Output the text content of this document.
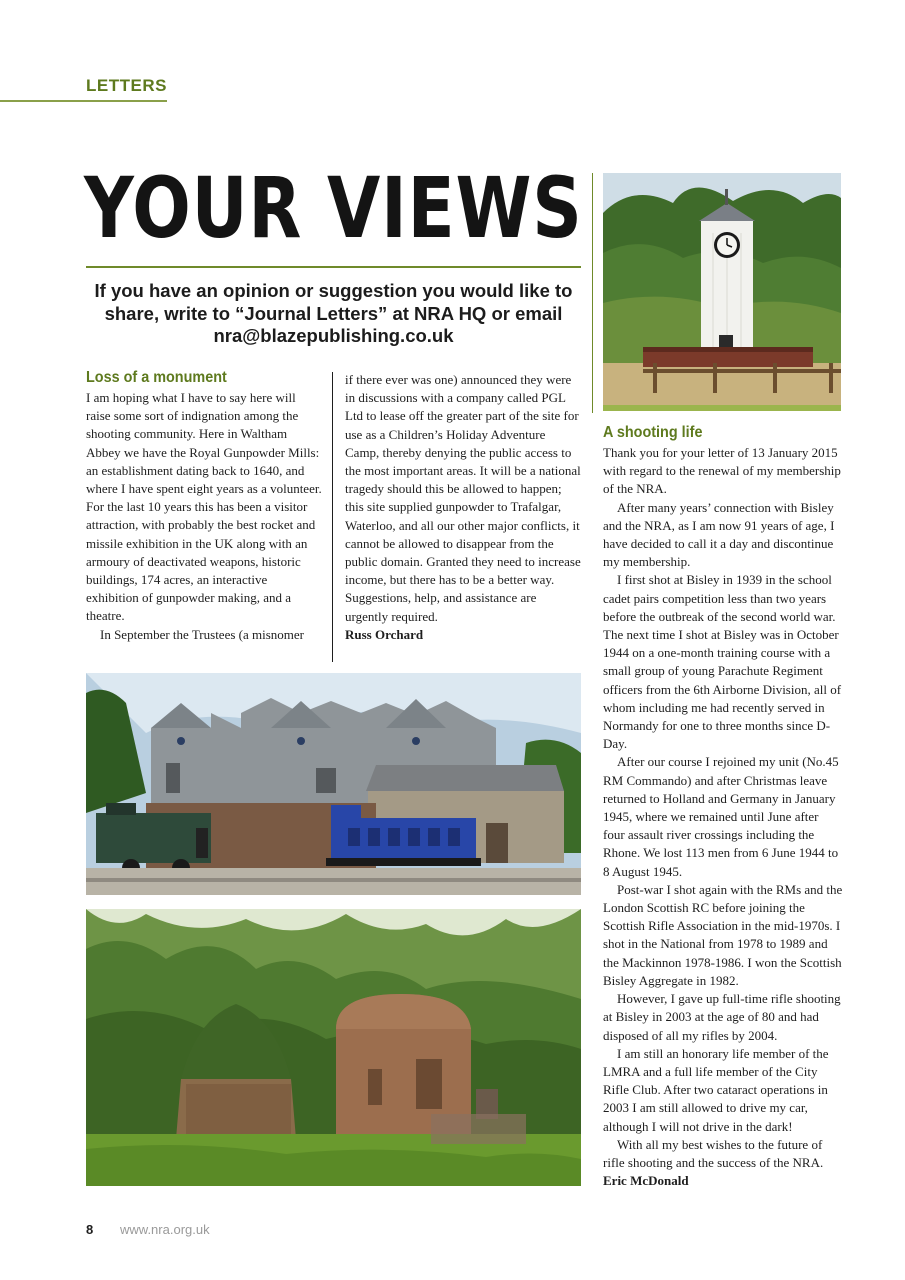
LETTERS
YOUR VIEWS
If you have an opinion or suggestion you would like to share, write to “Journal Letters” at NRA HQ or email nra@blazepublishing.co.uk
Loss of a monument

I am hoping what I have to say here will raise some sort of indignation among the shooting community. Here in Waltham Abbey we have the Royal Gunpowder Mills: an establishment dating back to 1640, and where I have spent eight years as a volunteer. For the last 10 years this has been a visitor attraction, with probably the best rocket and missile exhibition in the UK along with an armoury of deactivated weapons, historic buildings, 174 acres, an interactive exhibition of gunpowder making, and a theatre.

In September the Trustees (a misnomer

if there ever was one) announced they were in discussions with a company called PGL Ltd to lease off the greater part of the site for use as a Children’s Holiday Adventure Camp, thereby denying the public access to the most important areas. It will be a national tragedy should this be allowed to happen; this site supplied gunpowder to Trafalgar, Waterloo, and all our other major conflicts, it cannot be allowed to disappear from the public domain. Granted they need to increase income, but there has to be a better way. Suggestions, help, and assistance are urgently required.

Russ Orchard

A shooting life

Thank you for your letter of 13 January 2015 with regard to the renewal of my membership of the NRA.

After many years’ connection with Bisley and the NRA, as I am now 91 years of age, I have decided to call it a day and discontinue my membership.

I first shot at Bisley in 1939 in the school cadet pairs competition less than two years before the outbreak of the second world war. The next time I shot at Bisley was in October 1944 on a one-month training course with a small group of young Parachute Regiment officers from the 6th Airborne Division, all of whom including me had recently served in Normandy for one to three months since D-Day.

After our course I rejoined my unit (No.45 RM Commando) and after Christmas leave returned to Holland and Germany in January 1945, where we remained until June after four assault river crossings including the Rhone. We lost 113 men from 6 June 1944 to 8 August 1945.

Post-war I shot again with the RMs and the London Scottish RC before joining the Scottish Rifle Association in the mid-1970s. I shot in the National from 1978 to 1989 and the Mackinnon 1978-1986. I won the Scottish Bisley Aggregate in 1982.

However, I gave up full-time rifle shooting at Bisley in 2003 at the age of 80 and had disposed of all my rifles by 2004.

I am still an honorary life member of the LMRA and a full life member of the City Rifle Club. After two cataract operations in 2003 I am still allowed to drive my car, although I will not drive in the dark!

With all my best wishes to the future of rifle shooting and the success of the NRA.

Eric McDonald

8 www.nra.org.uk
